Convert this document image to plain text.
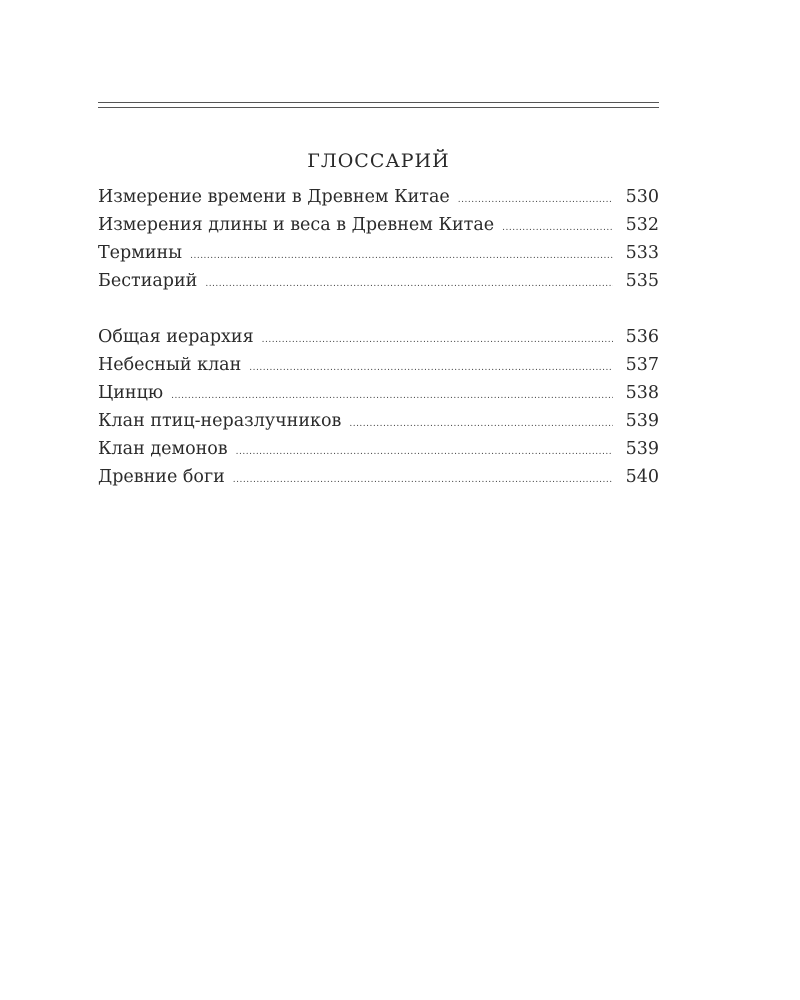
ГЛОССАРИЙ
Измерение времени в Древнем Китае .....	530
Измерения длины и веса в Древнем Китае .....	532
Термины .....	533
Бестиарий .....	535
Общая иерархия .....	536
Небесный клан .....	537
Цинцю .....	538
Клан птиц-неразлучников .....	539
Клан демонов .....	539
Древние боги .....	540
